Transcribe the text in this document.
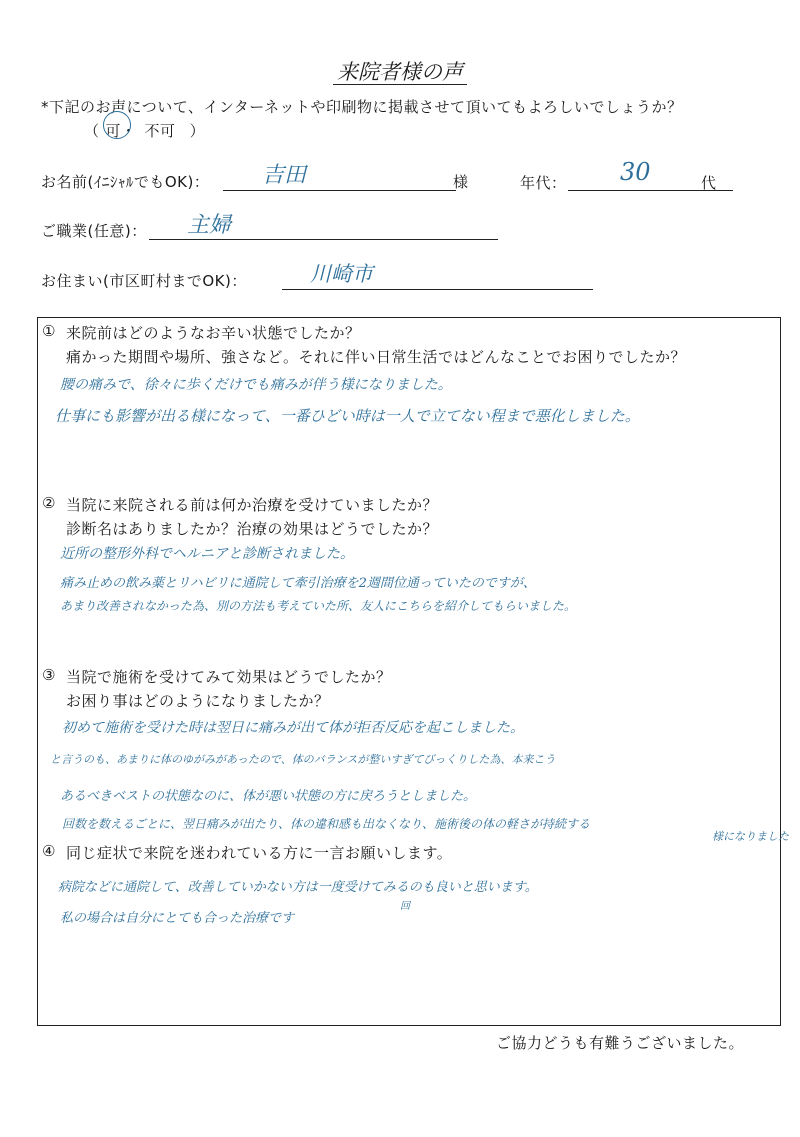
来院者様の声
*下記のお声について、インターネットや印刷物に掲載させて頂いてもよろしいでしょうか？
（ 可・ 不可 ）
お名前(ｲﾆｼｬﾙでもOK)： 吉田	様	年代： 30	代
ご職業(任意)： 主婦
お住まい(市区町村までOK)：	川崎市
① 来院前はどのようなお辛い状態でしたか？
痛かった期間や場所、強さなど。それに伴い日常生活ではどんなことでお困りでしたか？
腰の痛みで、徐々に歩くだけでも痛みが伴う様になりました。
仕事にも影響が出る様になって、一番ひどい時は一人で立てない程まで悪化しました。
② 当院に来院される前は何か治療を受けていましたか？
診断名はありましたか？治療の効果はどうでしたか？
近所の整形外科でヘルニアと診断されました。
痛み止めの飲み薬とリハビリに通院して牽引治療を2週間位通っていたのですが、
あまり改善されなかった為、別の方法も考えていた所、友人にこちらを紹介してもらいました。
③ 当院で施術を受けてみて効果はどうでしたか？
お困り事はどのようになりましたか？
初めて施術を受けた時は翌日に痛みが出て体が拒否反応を起こしました。
と言うのも、あまりに体のゆがみがあったので、体のバランスが整いすぎてびっくりした為、本来こう
あるべきベストの状態なのに、体が悪い状態の方に戻ろうとしました。
回数を数えるごとに、翌日痛みが出たり、体の違和感も出なくなり、施術後の体の軽さが持続する
様になりました
④ 同じ症状で来院を迷われている方に一言お願いします。
病院などに通院して、改善していかない方は一度受けてみるのも良いと思います。
回
私の場合は自分にとても合った治療です
ご協力どうも有難うございました。
